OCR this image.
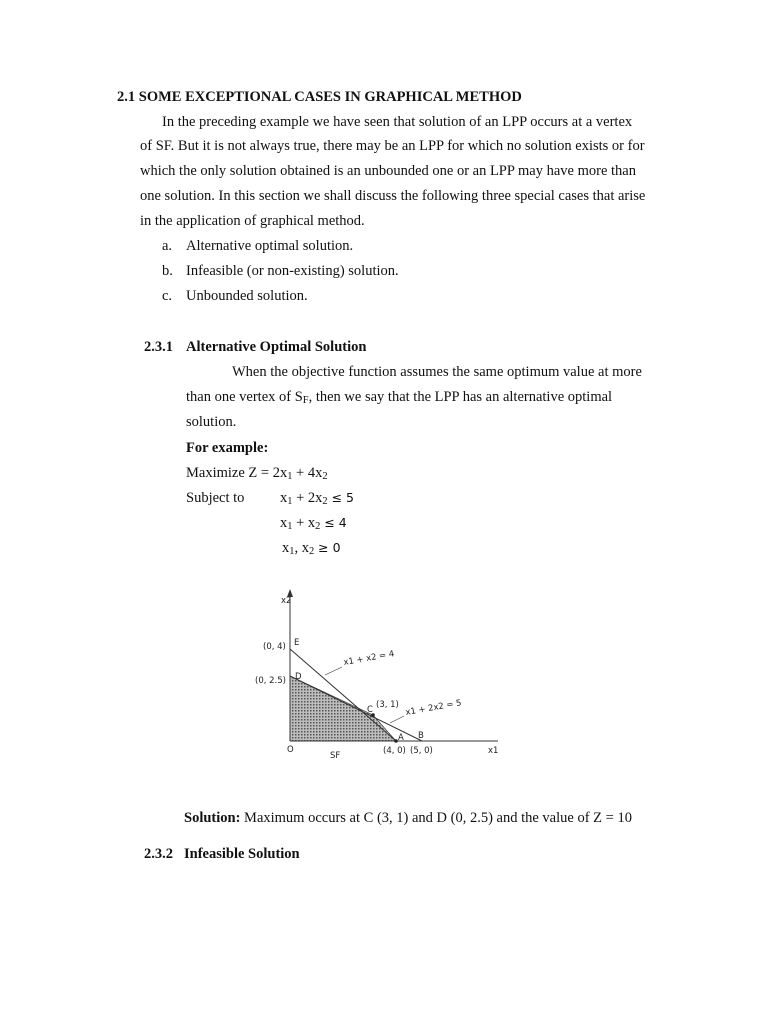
2.1 SOME EXCEPTIONAL CASES IN GRAPHICAL METHOD
In the preceding example we have seen that solution of an LPP occurs at a vertex
of SF. But it is not always true, there may be an LPP for which no solution exists or for
which the only solution obtained is an unbounded one or an LPP may have more than
one solution. In this section we shall discuss the following three special cases that arise
in the application of graphical method.
a. Alternative optimal solution.
b. Infeasible (or non-existing) solution.
c. Unbounded solution.
2.3.1 Alternative Optimal Solution
When the objective function assumes the same optimum value at more
than one vertex of $S_F$, then we say that the LPP has an alternative optimal
solution.
For example:
Maximize $Z = 2x_1 + 4x_2$
Subject to $x_1 + 2x_2 \le 5$
$x_1 + x_2 \le 4$
$x_1$, $x_2 \ge 0$
x2
x1
O
(0, 4) E
(0, 2.5) D
C (3, 1)
A B
(4, 0) (5, 0)
x1 + x2 = 4
x1 + 2x2 = 5
SF
Solution: Maximum occurs at C (3, 1) and D (0, 2.5) and the value of Z = 10
2.3.2 Infeasible Solution
